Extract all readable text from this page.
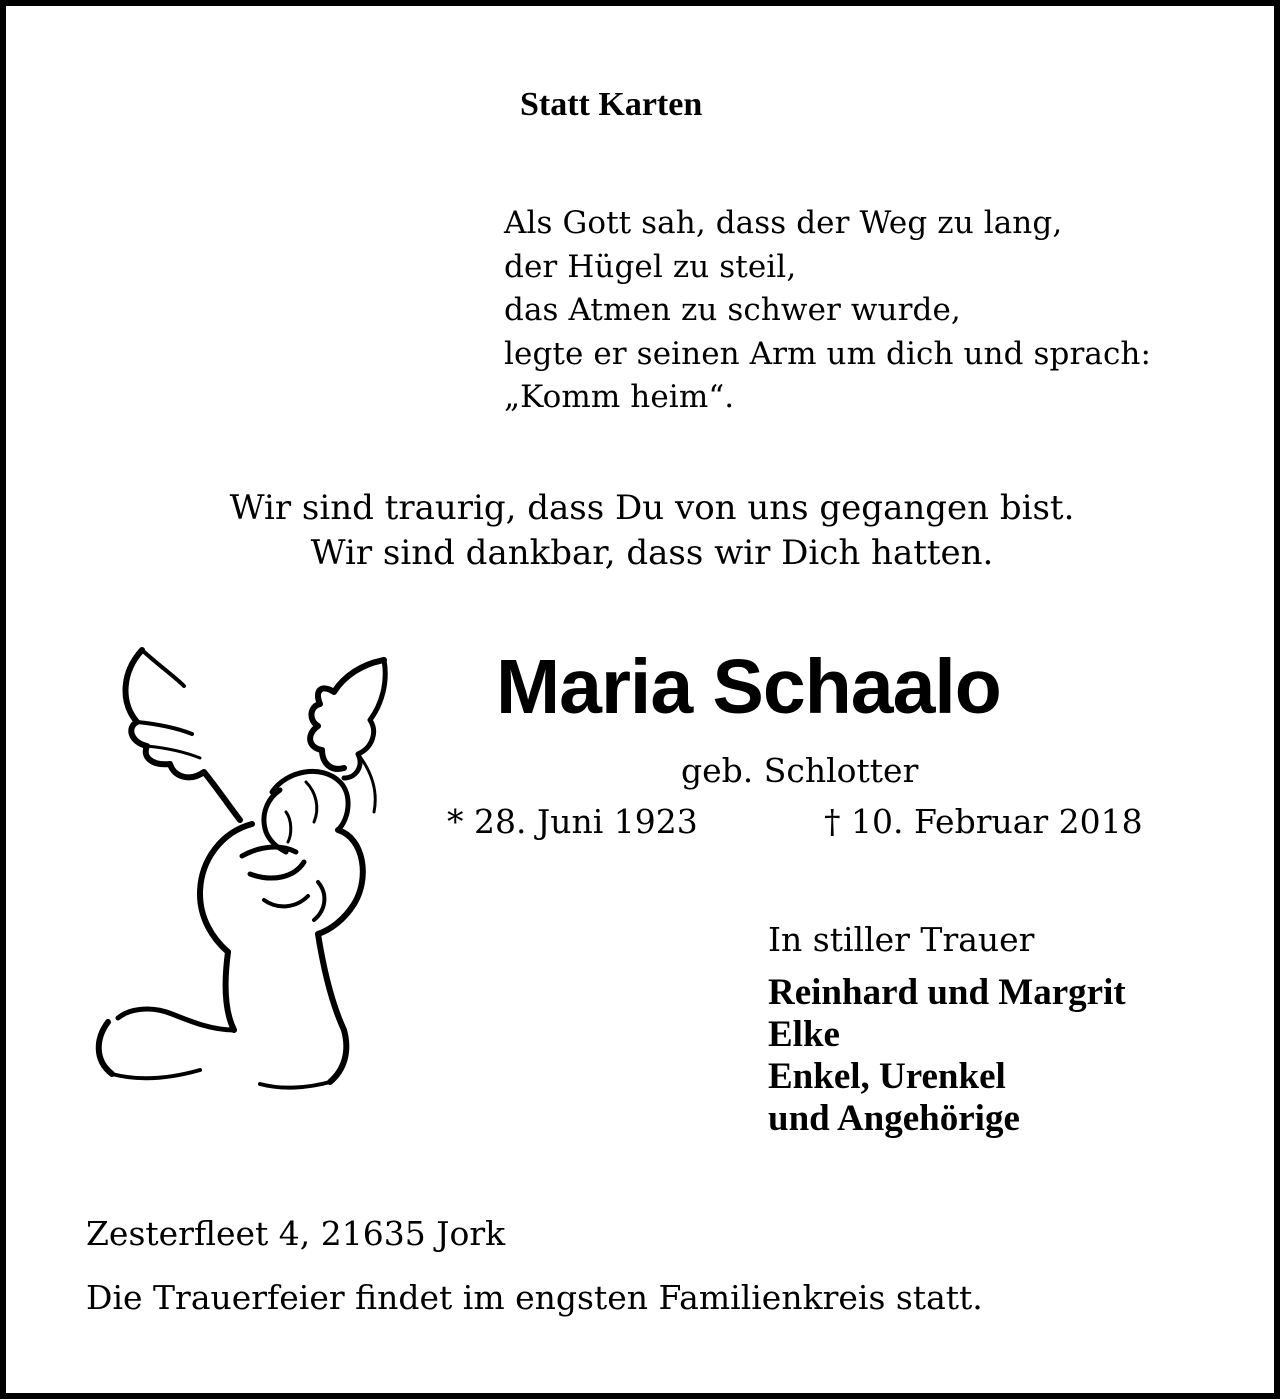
Statt Karten
Als Gott sah, dass der Weg zu lang,
der Hügel zu steil,
das Atmen zu schwer wurde,
legte er seinen Arm um dich und sprach:
„Komm heim“.
Wir sind traurig, dass Du von uns gegangen bist.
Wir sind dankbar, dass wir Dich hatten.
Maria Schaalo
geb. Schlotter
* 28. Juni 1923	† 10. Februar 2018
In stiller Trauer
Reinhard und Margrit
Elke
Enkel, Urenkel
und Angehörige
Zesterfleet 4, 21635 Jork
Die Trauerfeier findet im engsten Familienkreis statt.
